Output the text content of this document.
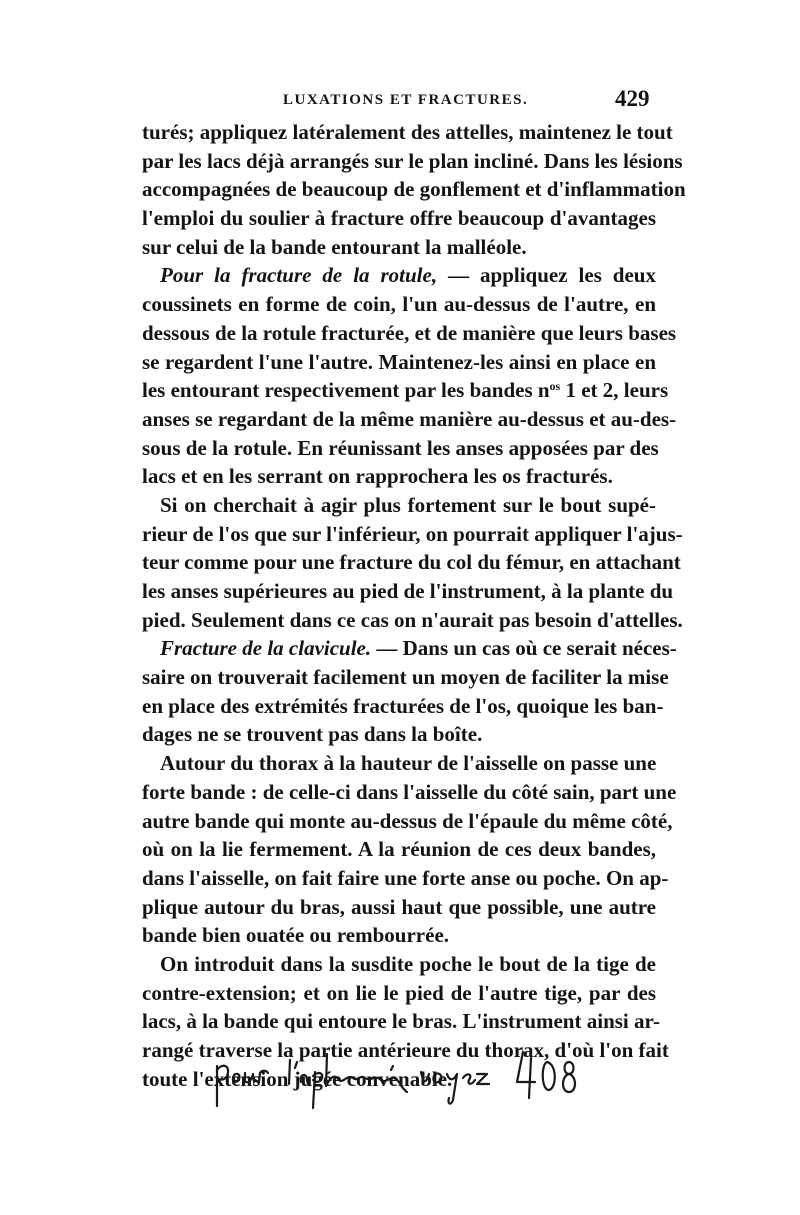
LUXATIONS ET FRACTURES.	429
turés; appliquez latéralement des attelles, maintenez le tout
par les lacs déjà arrangés sur le plan incliné. Dans les lésions
accompagnées de beaucoup de gonflement et d'inflammation
l'emploi du soulier à fracture offre beaucoup d'avantages
sur celui de la bande entourant la malléole.
Pour la fracture de la rotule, — appliquez les deux
coussinets en forme de coin, l'un au-dessus de l'autre, en
dessous de la rotule fracturée, et de manière que leurs bases
se regardent l'une l'autre. Maintenez-les ainsi en place en
les entourant respectivement par les bandes $n^{os}$ 1 et 2, leurs
anses se regardant de la même manière au-dessus et au-des-
sous de la rotule. En réunissant les anses apposées par des
lacs et en les serrant on rapprochera les os fracturés.
Si on cherchait à agir plus fortement sur le bout supé-
rieur de l'os que sur l'inférieur, on pourrait appliquer l'ajus-
teur comme pour une fracture du col du fémur, en attachant
les anses supérieures au pied de l'instrument, à la plante du
pied. Seulement dans ce cas on n'aurait pas besoin d'attelles.
Fracture de la clavicule. — Dans un cas où ce serait néces-
saire on trouverait facilement un moyen de faciliter la mise
en place des extrémités fracturées de l'os, quoique les ban-
dages ne se trouvent pas dans la boîte.
Autour du thorax à la hauteur de l'aisselle on passe une
forte bande : de celle-ci dans l'aisselle du côté sain, part une
autre bande qui monte au-dessus de l'épaule du même côté,
où on la lie fermement. A la réunion de ces deux bandes,
dans l'aisselle, on fait faire une forte anse ou poche. On ap-
plique autour du bras, aussi haut que possible, une autre
bande bien ouatée ou rembourrée.
On introduit dans la susdite poche le bout de la tige de
contre-extension; et on lie le pied de l'autre tige, par des
lacs, à la bande qui entoure le bras. L'instrument ainsi ar-
rangé traverse la partie antérieure du thorax, d'où l'on fait
toute l'extension jugée convenable.
